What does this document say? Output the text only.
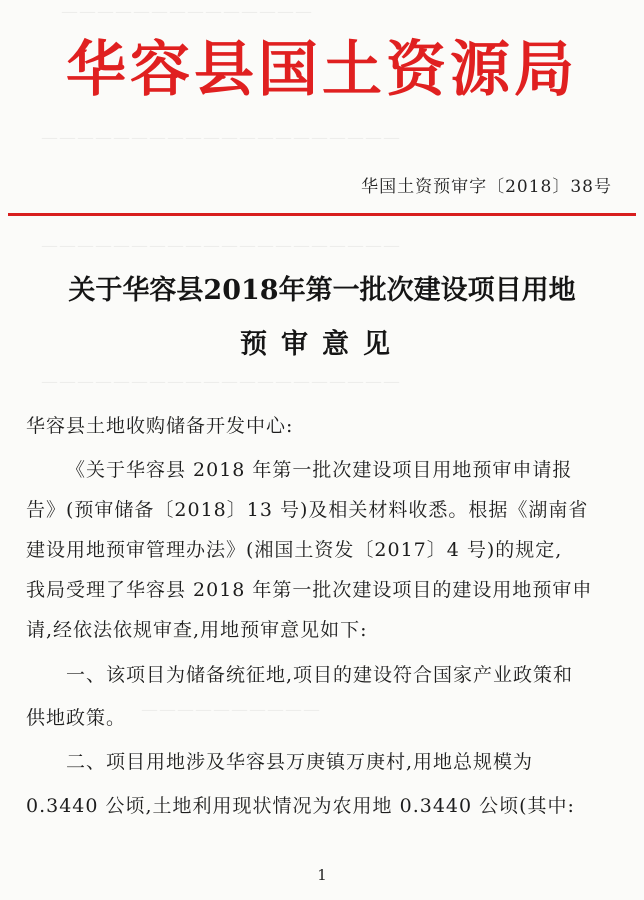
——————————————
————————————————————
————————————————————
————————————————————
——————————
华容县国土资源局
华国土资预审字〔2018〕38号
关于华容县2018年第一批次建设项目用地
预审意见
华容县土地收购储备开发中心:
《关于华容县 2018 年第一批次建设项目用地预审申请报
告》(预审储备〔2018〕13 号)及相关材料收悉。根据《湖南省
建设用地预审管理办法》(湘国土资发〔2017〕4 号)的规定,
我局受理了华容县 2018 年第一批次建设项目的建设用地预审申
请,经依法依规审查,用地预审意见如下:
一、该项目为储备统征地,项目的建设符合国家产业政策和
供地政策。
二、项目用地涉及华容县万庚镇万庚村,用地总规模为
0.3440 公顷,土地利用现状情况为农用地 0.3440 公顷(其中:
1
